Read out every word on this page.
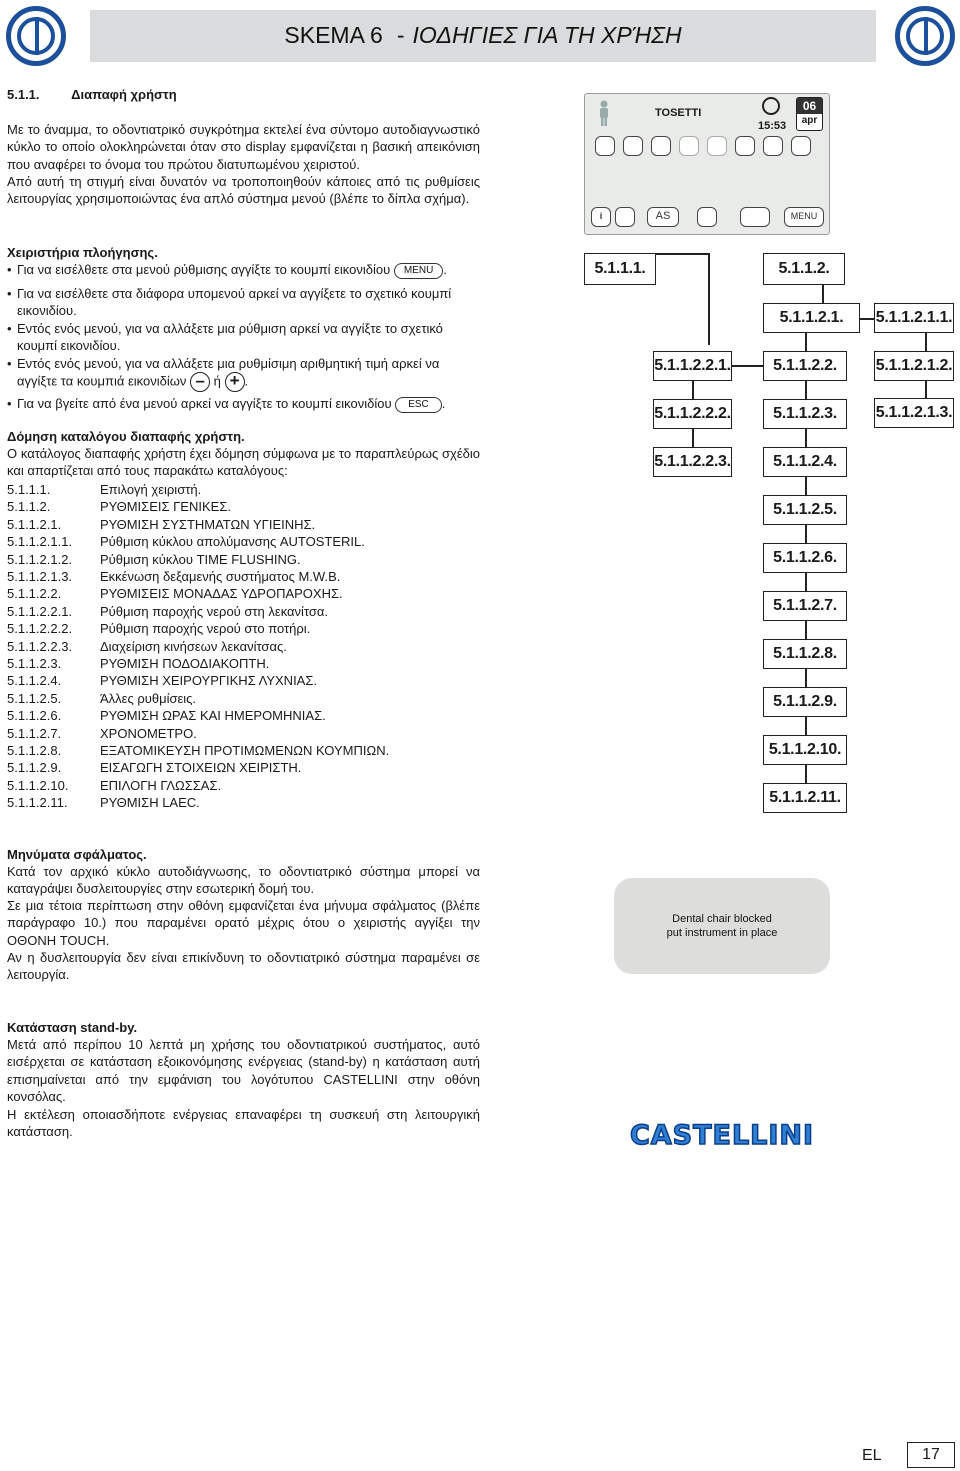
SKEMA 6 - ΙΟΔΗΓΙΕΣ ΓΙΑ ΤΗ ΧΡΉΣΗ
5.1.1. Διαπαφή χρήστη

Με το άναμμα, το οδοντιατρικό συγκρότημα εκτελεί ένα σύντομο αυτοδιαγνωστικό κύκλο το οποίο ολοκληρώνεται όταν στο display εμφανίζεται η βασική απεικόνιση που αναφέρει το όνομα του πρώτου διατυπωμένου χειριστού.

Από αυτή τη στιγμή είναι δυνατόν να τροποποιηθούν κάποιες από τις ρυθμίσεις λειτουργίας χρησιμοποιώντας ένα απλό σύστημα μενού (βλέπε το δίπλα σχήμα).

Χειριστήρια πλοήγησης.
• Για να εισέλθετε στα μενού ρύθμισης αγγίξτε το κουμπί εικονιδίου MENU .
• Για να εισέλθετε στα διάφορα υπομενού αρκεί να αγγίξετε το σχετικό κουμπί εικονιδίου.
• Εντός ενός μενού, για να αλλάξετε μια ρύθμιση αρκεί να αγγίξτε το σχετικό κουμπί εικονιδίου.
• Εντός ενός μενού, για να αλλάξετε μια ρυθμίσιμη αριθμητική τιμή αρκεί να αγγίξτε τα κουμπιά εικονιδίων – ή + .
• Για να βγείτε από ένα μενού αρκεί να αγγίξτε το κουμπί εικονιδίου ESC .
Δόμηση καταλόγου διαπαφής χρήστη.

Ο κατάλογος διαπαφής χρήστη έχει δόμηση σύμφωνα με το παραπλεύρως σχέδιο και απαρτίζεται από τους παρακάτω καταλόγους:

5.1.1.1.	Επιλογή χειριστή.
5.1.1.2.	ΡΥΘΜΙΣΕΙΣ ΓΕΝΙΚΕΣ.
5.1.1.2.1.	ΡΥΘΜΙΣΗ ΣΥΣΤΗΜΑΤΩΝ ΥΓΙΕΙΝΗΣ.
5.1.1.2.1.1. Ρύθμιση κύκλου απολύμανσης AUTOSTERIL.
5.1.1.2.1.2. Ρύθμιση κύκλου TIME FLUSHING.
5.1.1.2.1.3. Εκκένωση δεξαμενής συστήματος Μ.W.B.
5.1.1.2.2.	ΡΥΘΜΙΣΕΙΣ ΜΟΝΑΔΑΣ ΥΔΡΟΠΑΡΟΧΗΣ.
5.1.1.2.2.1. Ρύθμιση παροχής νερού στη λεκανίτσα.
5.1.1.2.2.2. Ρύθμιση παροχής νερού στο ποτήρι.
5.1.1.2.2.3. Διαχείριση κινήσεων λεκανίτσας.
5.1.1.2.3.	ΡΥΘΜΙΣΗ ΠΟΔΟΔΙΑΚΟΠΤΗ.
5.1.1.2.4.	ΡΥΘΜΙΣΗ ΧΕΙΡΟΥΡΓΙΚΗΣ ΛΥΧΝΙΑΣ.
5.1.1.2.5.	Άλλες ρυθμίσεις.
5.1.1.2.6.	ΡΥΘΜΙΣΗ ΩΡΑΣ ΚΑΙ ΗΜΕΡΟΜΗΝΙΑΣ.
5.1.1.2.7.	ΧΡΟΝΟΜΕΤΡΟ.
5.1.1.2.8.	ΕΞΑΤΟΜΙΚΕΥΣΗ ΠΡΟΤΙΜΩΜΕΝΩΝ ΚΟΥΜΠΙΩΝ.
5.1.1.2.9.	ΕΙΣΑΓΩΓΗ ΣΤΟΙΧΕΙΩΝ ΧΕΙΡΙΣΤΗ.
5.1.1.2.10. ΕΠΙΛΟΓΗ ΓΛΩΣΣΑΣ.
5.1.1.2.11.	ΡΥΘΜΙΣΗ LAEC.
TOSETTI
15:53
06
apr
i	AS	MENU
5.1.1.1.	5.1.1.2.
5.1.1.2.1.	5.1.1.2.1.1.
5.1.1.2.1.2.
5.1.1.2.1.3.
5.1.1.2.2.1.
5.1.1.2.2.2.
5.1.1.2.2.3.
5.1.1.2.2.
5.1.1.2.3.
5.1.1.2.4.
5.1.1.2.5.
5.1.1.2.6.
5.1.1.2.7.
5.1.1.2.8.
5.1.1.2.9.
5.1.1.2.10.
5.1.1.2.11.
Μηνύματα σφάλματος.

Κατά τον αρχικό κύκλο αυτοδιάγνωσης, το οδοντιατρικό σύστημα μπορεί να καταγράψει δυσλειτουργίες στην εσωτερική δομή του.

Σε μια τέτοια περίπτωση στην οθόνη εμφανίζεται ένα μήνυμα σφάλματος (βλέπε παράγραφο 10.) που παραμένει ορατό μέχρις ότου ο χειριστής αγγίξει την ΟΘΟΝΗ TOUCH.

Αν η δυσλειτουργία δεν είναι επικίνδυνη το οδοντιατρικό σύστημα παραμένει σε λειτουργία.

Dental chair blocked
put instrument in place
Κατάσταση stand-by.

Μετά από περίπου 10 λεπτά μη χρήσης του οδοντιατρικού συστήματος, αυτό εισέρχεται σε κατάσταση εξοικονόμησης ενέργειας (stand-by) η κατάσταση αυτή επισημαίνεται από την εμφάνιση του λογότυπου CASTELLINI στην οθόνη κονσόλας.

Η εκτέλεση οποιασδήποτε ενέργειας επαναφέρει τη συσκευή στη λειτουργική κατάσταση.	CASTELLINI
EL	17
